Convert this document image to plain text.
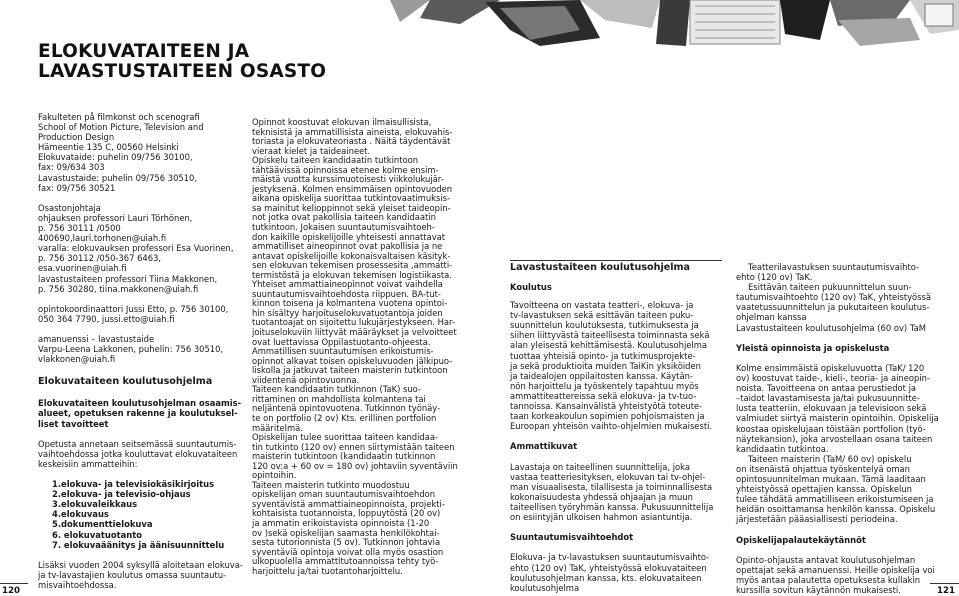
ELOKUVATAITEEN JA
LAVASTUSTAITEEN OSASTO

Fakulteten på filmkonst och scenografi

School of Motion Picture, Television and

Production Design

Hämeentie 135 C, 00560 Helsinki

Elokuvataide: puhelin 09/756 30100,

fax: 09/634 303

Lavastustaide: puhelin 09/756 30510,

fax: 09/756 30521

Osastonjohtaja

ohjauksen professori Lauri Törhönen,

p. 756 30111 /0500 400690,lauri.torhonen@uiah.fi

varalla: elokuvauksen professori Esa Vuorinen,

p. 756 30112 /050-367 6463, esa.vuorinen@uiah.fi

lavastustaiteen professori Tiina Makkonen,

p. 756 30280, tiina.makkonen@uiah.fi

opintokoordinaattori Jussi Etto, p. 756 30100,

050 364 7790, jussi.etto@uiah.fi

amanuenssi – lavastustaide

Varpu-Leena Lakkonen, puhelin: 756 30510,

vlakkonen@uiah.fi

Elokuvataiteen koulutusohjelma

Elokuvataiteen koulutusohjelman osaamis-

alueet, opetuksen rakenne ja koulutuksel-

liset tavoitteet

Opetusta annetaan seitsemässä suuntautumis-

vaihtoehdossa jotka kouluttavat elokuvataiteen

keskeisiin ammatteihin:

1.elokuva- ja televisiokäsikirjoitus
2.elokuva- ja televisio-ohjaus
3.elokuvaleikkaus
4.elokuvaus
5.dokumenttielokuva
6. elokuvatuotanto
7. elokuvaäänitys ja äänisuunnittelu

Lisäksi vuoden 2004 syksyllä aloitetaan elokuva-

ja tv-lavastajien koulutus omassa suuntautu-

misvaihtoehdossa.

Opinnot koostuvat elokuvan ilmaisullisista,

teknisistä ja ammatillisista aineista, elokuvahis-

toriasta ja elokuvateoriasta . Näitä täydentävät

vieraat kielet ja taideaineet.

Opiskelu taiteen kandidaatin tutkintoon

tähtäävissä opinnoissa etenee kolme ensim-

mäistä vuotta kurssimuotoisesti viikkolukujär-

jestyksenä. Kolmen ensimmäisen opintovuoden

aikana opiskelija suorittaa tutkintovaatimuksis-

sa mainitut kelioppinnot sekä yleiset taideopin-

not jotka ovat pakollisia taiteen kandidaatin

tutkintoon. Jokaisen suuntautumisvaihtoeh-

don kaikille opiskelijoille yhteisesti annattavat

ammatilliset aineopinnot ovat pakollisia ja ne

antavat opiskelijoille kokonaisvaltaisen käsityk-

sen elokuvan tekemisen prosessesita ,ammatti-

termistöstä ja elokuvan tekemisen logistiikasta.

Yhteiset ammattiaineopinnot voivat vaihdella

suuntautumisvaihtoehdosta riippuen. BA-tut-

kinnon toisena ja kolmantena vuotena opintoi-

hin sisältyy harjoituselokuvatuotantoja joiden

tuotantoajat on sijoitettu lukujärjestykseen. Har-

joituselokuviin liittyvät määräykset ja velvoitteet

ovat luettavissa Oppilastuotanto-ohjeesta.

Ammatillisen suuntautumisen erikoistumis-

opinnot alkavat toisen opiskeluvuoden jälkipuo-

liskolla ja jatkuvat taiteen maisterin tutkintoon

viidentenä opintovuonna.

Taiteen kandidaatin tutkinnon (TaK) suo-

rittaminen on mahdollista kolmantena tai

neljäntenä opintovuotena. Tutkinnon työnäy-

te on portfolio (2 ov) Kts. erillinen portfolion

määritelmä.

Opiskelijan tulee suorittaa taiteen kandidaa-

tin tutkinto (120 ov) ennen siirtymistään taiteen

maisterin tutkintoon (kandidaatin tutkinnon

120 ov:a + 60 ov = 180 ov) johtaviin syventäviin

opintoihin.

Taiteen maisterin tutkinto muodostuu

opiskelijan oman suuntautumisvaihtoehdon

syventävistä ammattiaineopinnoista, projekti-

kohtaisista tuotannoista, loppuytöstä (20 ov)

ja ammatin erikoistavista opinnoista (1-20

ov )sekä opiskelijan saamasta henkilökohtai-

sesta tutorionnista (5 ov). Tutkinnon johtavia

syventäviä opintoja voivat olla myös osastion

ulkopuolella ammattitutoannoissa tehty työ-

harjoittelu ja/tai tuotantoharjoittelu.

Lavastustaiteen koulutusohjelma

Koulutus

Tavoitteena on vastata teatteri-, elokuva- ja

tv-lavastuksen sekä esittävän taiteen puku-

suunnittelun koulutuksesta, tutkimuksesta ja

siihen liittyvästä taiteellisesta toiminnasta sekä

alan yleisestä kehittämisestä. Koulutusohjelma

tuottaa yhteisiä opinto- ja tutkimusprojekte-

ja sekä produktioita muiden TaiKin yksiköiden

ja taidealojen oppilaitosten kanssa. Käytän-

nön harjoittelu ja työskentely tapahtuu myös

ammattiteattereissa sekä elokuva- ja tv-tuo-

tannoissa. Kansainvälistä yhteistyötä toteute-

taan korkeakoulun sopimien pohjoismaisten ja

Euroopan yhteisön vaihto-ohjelmien mukaisesti.

Ammattikuvat

Lavastaja on taiteellinen suunnittelija, joka

vastaa teatteriesityksen, elokuvan tai tv-ohjel-

man visuaalisesta, tilallisesta ja toiminnallisesta

kokonaisuudesta yhdessä ohjaajan ja muun

taiteellisen työryhmän kanssa. Pukusuunnittelija

on esiintyjän ulkoisen hahmon asiantuntija.

Suuntautumisvaihtoehdot

Elokuva- ja tv-lavastuksen suuntautumisvaihto-

ehto (120 ov) TaK, yhteistyössä elokuvataiteen

koulutusohjelman kanssa, kts. elokuvataiteen

koulutusohjelma

Teatterilavastuksen suuntautumisvaihto-

ehto (120 ov) TaK.

Esittävän taiteen pukuunnittelun suun-

tautumisvaihtoehto (120 ov) TaK, yhteistyössä

vaatetussuunnittelun ja pukutaiteen koulutus-

ohjelman kanssa

Lavastustaiteen koulutusohjelma (60 ov) TaM

Yleistä opinnoista ja opiskelusta

Kolme ensimmäistä opiskeluvuotta (TaK/ 120

ov) koostuvat taide-, kieli-, teoria- ja aineopin-

noista. Tavoitteena on antaa perustiedot ja

–taidot lavastamisesta ja/tai pukusuunnitte-

lusta teatteriin, elokuvaan ja televisioon sekä

valmiudet siirtyä maisterin opintoihin. Opiskelija

koostaa opiskelujaan töistään portfolion (työ-

näytekansion), joka arvostellaan osana taiteen

kandidaatin tutkintoa.

Taiteen maisterin (TaM/ 60 ov) opiskelu

on itsenäistä ohjattua työskentelyä oman

opintosuunnitelman mukaan. Tämä laaditaan

yhteistyössä opettajien kanssa. Opiskelun

tulee tähdätä ammatilliseen erikoistumiseen ja

heidän osoittamansa henkilön kanssa. Opiskelu

järjestetään pääasiallisesti periodeina.

Opiskelijapalautekäytännöt

Opinto-ohjausta antavat koulutusohjelman

opettajat sekä amanuenssi. Heille opiskelija voi

myös antaa palautetta opetuksesta kullakin

kurssilla sovitun käytännön mukaisesti.

120	121
